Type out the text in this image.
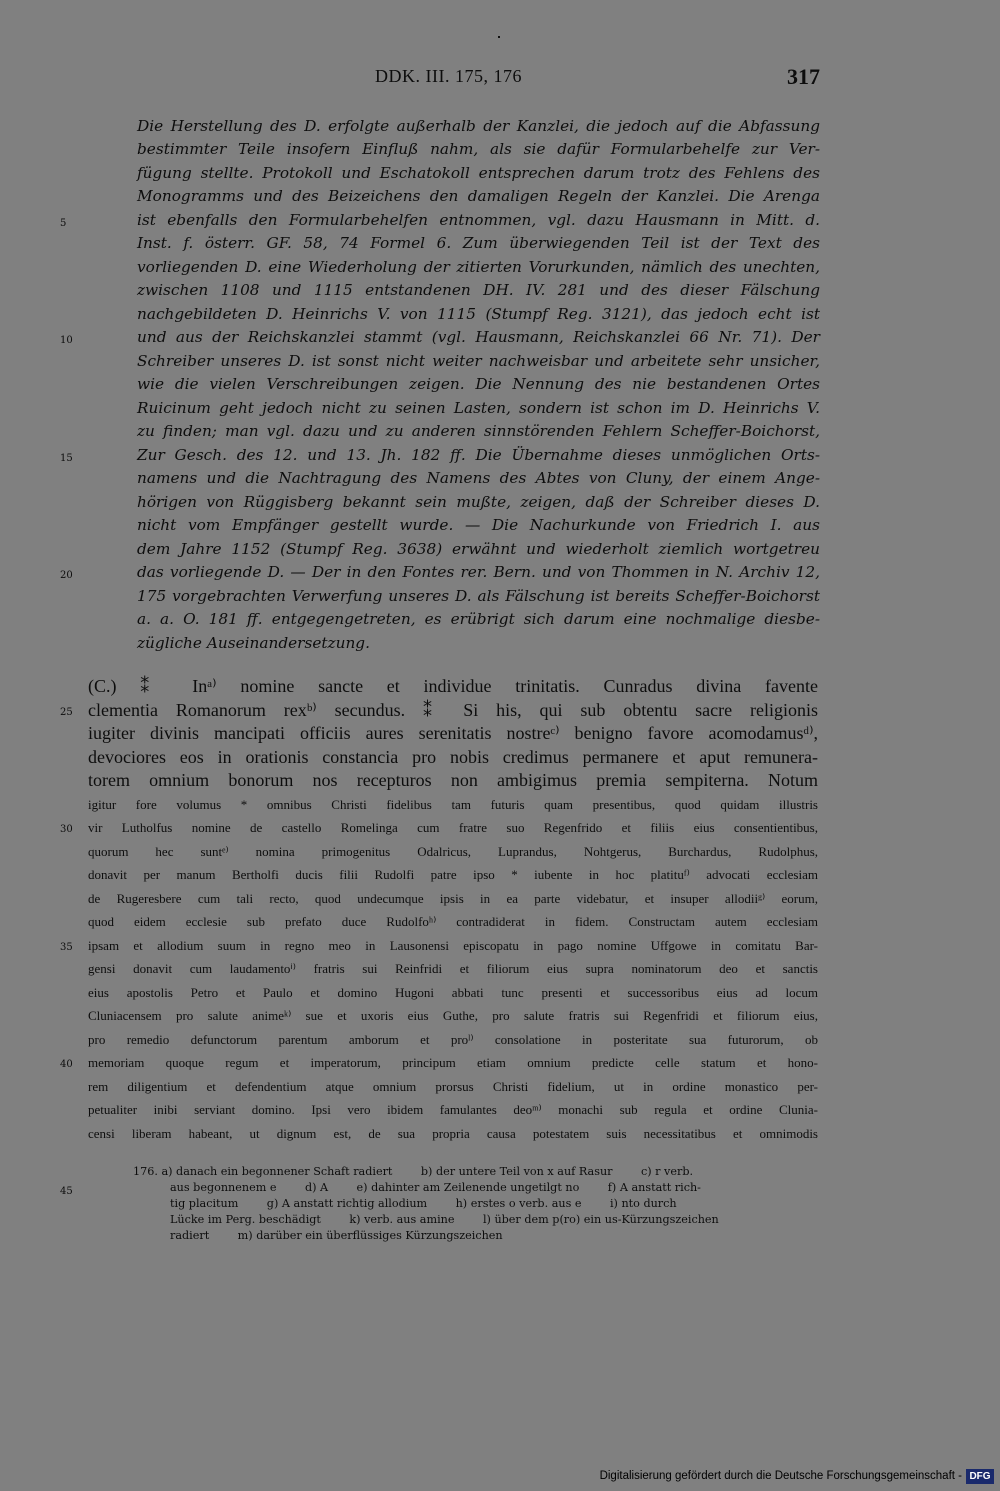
DDK. III. 175, 176	317
Die Herstellung des D. erfolgte außerhalb der Kanzlei, die jedoch auf die Abfassung
bestimmter Teile insofern Einfluß nahm, als sie dafür Formularbehelfe zur Ver-
fügung stellte. Protokoll und Eschatokoll entsprechen darum trotz des Fehlens des
Monogramms und des Beizeichens den damaligen Regeln der Kanzlei. Die Arenga
ist ebenfalls den Formularbehelfen entnommen, vgl. dazu Hausmann in Mitt. d.
Inst. f. österr. GF. 58, 74 Formel 6. Zum überwiegenden Teil ist der Text des
vorliegenden D. eine Wiederholung der zitierten Vorurkunden, nämlich des unechten,
zwischen 1108 und 1115 entstandenen DH. IV. 281 und des dieser Fälschung
nachgebildeten D. Heinrichs V. von 1115 (Stumpf Reg. 3121), das jedoch echt ist
und aus der Reichskanzlei stammt (vgl. Hausmann, Reichskanzlei 66 Nr. 71). Der
Schreiber unseres D. ist sonst nicht weiter nachweisbar und arbeitete sehr unsicher,
wie die vielen Verschreibungen zeigen. Die Nennung des nie bestandenen Ortes
Ruicinum geht jedoch nicht zu seinen Lasten, sondern ist schon im D. Heinrichs V.
zu finden; man vgl. dazu und zu anderen sinnstörenden Fehlern Scheffer-Boichorst,
Zur Gesch. des 12. und 13. Jh. 182 ff. Die Übernahme dieses unmöglichen Orts-
namens und die Nachtragung des Namens des Abtes von Cluny, der einem Ange-
hörigen von Rüggisberg bekannt sein mußte, zeigen, daß der Schreiber dieses D.
nicht vom Empfänger gestellt wurde. — Die Nachurkunde von Friedrich I. aus
dem Jahre 1152 (Stumpf Reg. 3638) erwähnt und wiederholt ziemlich wortgetreu
das vorliegende D. — Der in den Fontes rer. Bern. und von Thommen in N. Archiv 12,
175 vorgebrachten Verwerfung unseres D. als Fälschung ist bereits Scheffer-Boichorst
a. a. O. 181 ff. entgegengetreten, es erübrigt sich darum eine nochmalige diesbe-
zügliche Auseinandersetzung.
5
10
15
20
(C.) ⁑ Inᵃ⁾ nomine sancte et individue trinitatis. Cunradus divina favente
clementia Romanorum rexᵇ⁾ secundus. ⁑ Si his, qui sub obtentu sacre religionis
iugiter divinis mancipati officiis aures serenitatis nostreᶜ⁾ benigno favore acomodamusᵈ⁾,
devociores eos in orationis constancia pro nobis credimus permanere et aput remunera-
torem omnium bonorum nos recepturos non ambigimus premia sempiterna. Notum
25
igitur fore volumus * omnibus Christi fidelibus tam futuris quam presentibus, quod quidam illustris
vir Lutholfus nomine de castello Romelinga cum fratre suo Regenfrido et filiis eius consentientibus,
quorum hec suntᵉ⁾ nomina primogenitus Odalricus, Luprandus, Nohtgerus, Burchardus, Rudolphus,
donavit per manum Bertholfi ducis filii Rudolfi patre ipso * iubente in hoc platituᶠ⁾ advocati ecclesiam
de Rugeresbere cum tali recto, quod undecumque ipsis in ea parte videbatur, et insuper allodiiᵍ⁾ eorum,
quod eidem ecclesie sub prefato duce Rudolfoʰ⁾ contradiderat in fidem. Constructam autem ecclesiam
ipsam et allodium suum in regno meo in Lausonensi episcopatu in pago nomine Uffgowe in comitatu Bar-
gensi donavit cum laudamentoⁱ⁾ fratris sui Reinfridi et filiorum eius supra nominatorum deo et sanctis
eius apostolis Petro et Paulo et domino Hugoni abbati tunc presenti et successoribus eius ad locum
Cluniacensem pro salute animeᵏ⁾ sue et uxoris eius Guthe, pro salute fratris sui Regenfridi et filiorum eius,
pro remedio defunctorum parentum amborum et proˡ⁾ consolatione in posteritate sua futurorum, ob
memoriam quoque regum et imperatorum, principum etiam omnium predicte celle statum et hono-
rem diligentium et defendentium atque omnium prorsus Christi fidelium, ut in ordine monastico per-
petualiter inibi serviant domino. Ipsi vero ibidem famulantes deoᵐ⁾ monachi sub regula et ordine Clunia-
censi liberam habeant, ut dignum est, de sua propria causa potestatem suis necessitatibus et omnimodis
30
35
40
176. a) danach ein begonnener Schaft radiert        b) der untere Teil von x auf Rasur        c) r verb.
aus begonnenem e        d) A        e) dahinter am Zeilenende ungetilgt no        f) A anstatt rich-
tig placitum        g) A anstatt richtig allodium        h) erstes o verb. aus e        i) nto durch
Lücke im Perg. beschädigt        k) verb. aus amine        l) über dem p(ro) ein us-Kürzungszeichen
radiert        m) darüber ein überflüssiges Kürzungszeichen
45
Digitalisierung gefördert durch die Deutsche Forschungsgemeinschaft - DFG
